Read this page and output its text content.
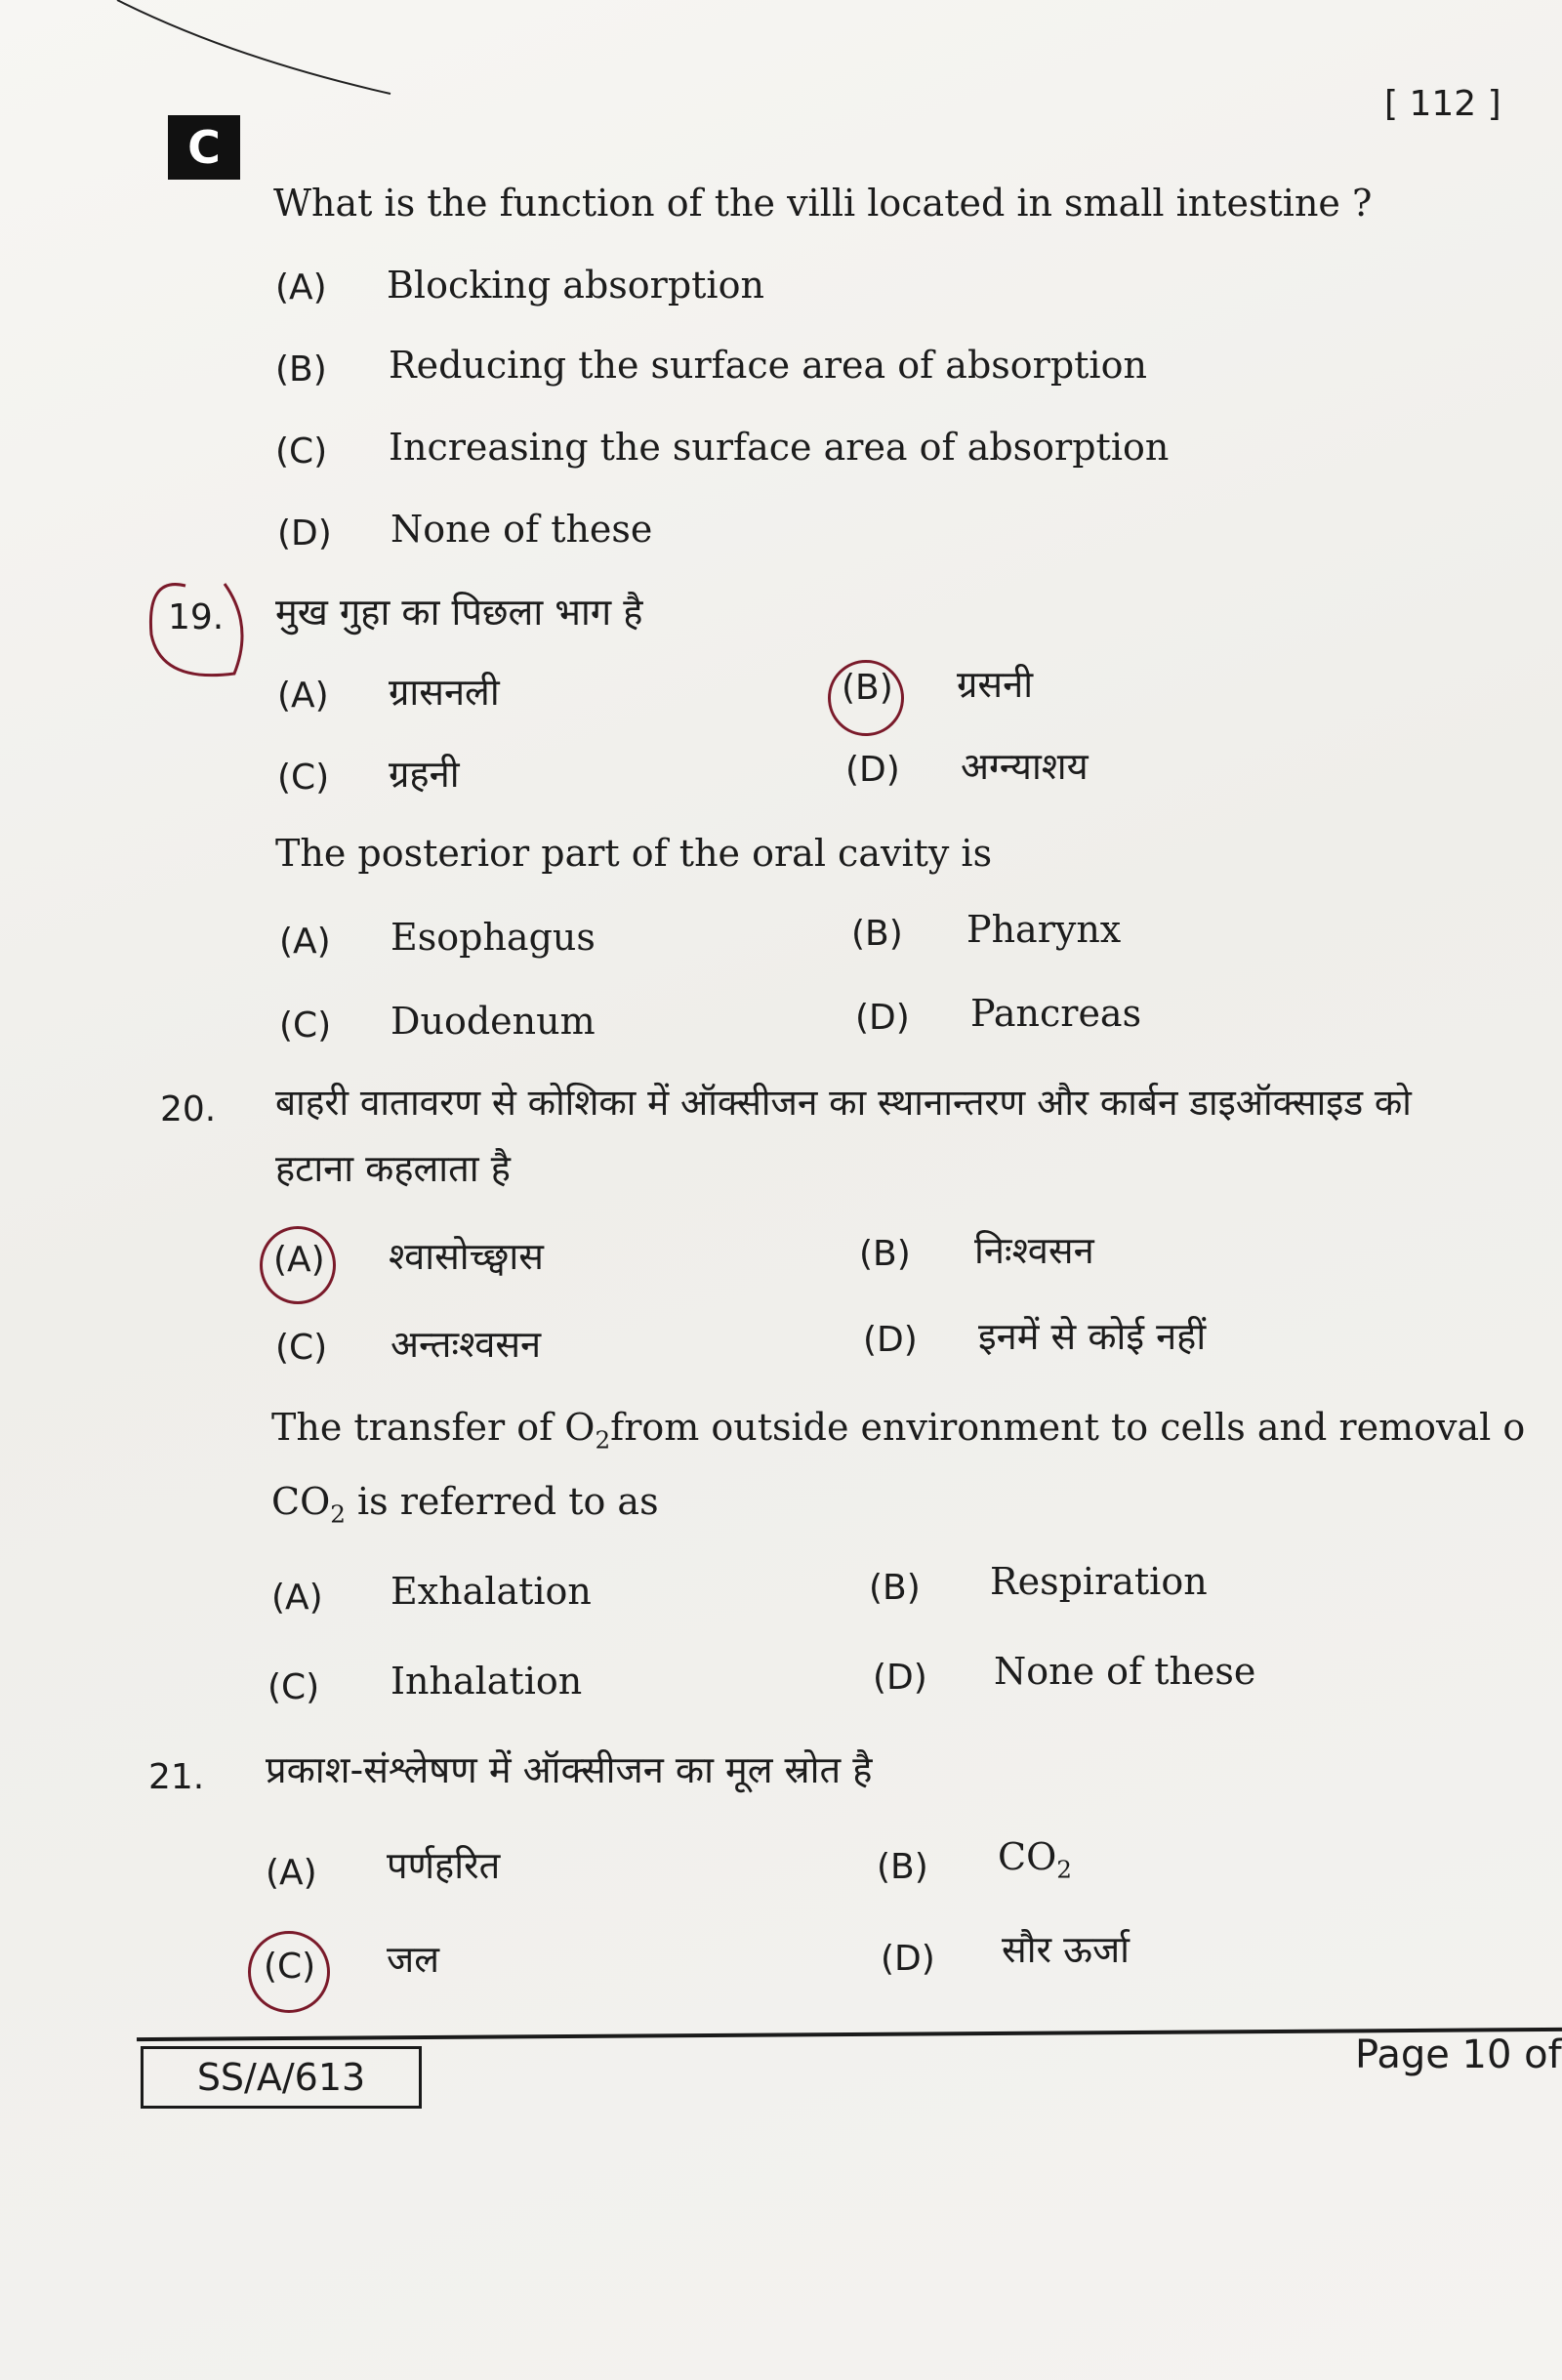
C
[ 112 ]
What is the function of the villi located in small intestine ?
(A) Blocking absorption
(B) Reducing the surface area of absorption
(C) Increasing the surface area of absorption
(D) None of these
19. मुख गुहा का पिछला भाग है
(A) ग्रासनली	(B) ग्रसनी
(C) ग्रहनी	(D) अग्न्याशय
The posterior part of the oral cavity is
(A) Esophagus	(B) Pharynx
(C) Duodenum	(D) Pancreas
20. बाहरी वातावरण से कोशिका में ऑक्सीजन का स्थानान्तरण और कार्बन डाइऑक्साइड को
हटाना कहलाता है
(A) श्वासोच्छ्वास	(B) निःश्वसन
(C) अन्तःश्वसन	(D) इनमें से कोई नहीं
The transfer of $O_2from$ outside environment to cells and removal o
$CO_2$ is referred to as
(A) Exhalation	(B) Respiration
(C) Inhalation	(D) None of these
21. प्रकाश-संश्लेषण में ऑक्सीजन का मूल स्रोत है
(A) पर्णहरित	(B) $CO_2$
(C) जल	(D) सौर ऊर्जा
SS/A/613	Page 10 of
